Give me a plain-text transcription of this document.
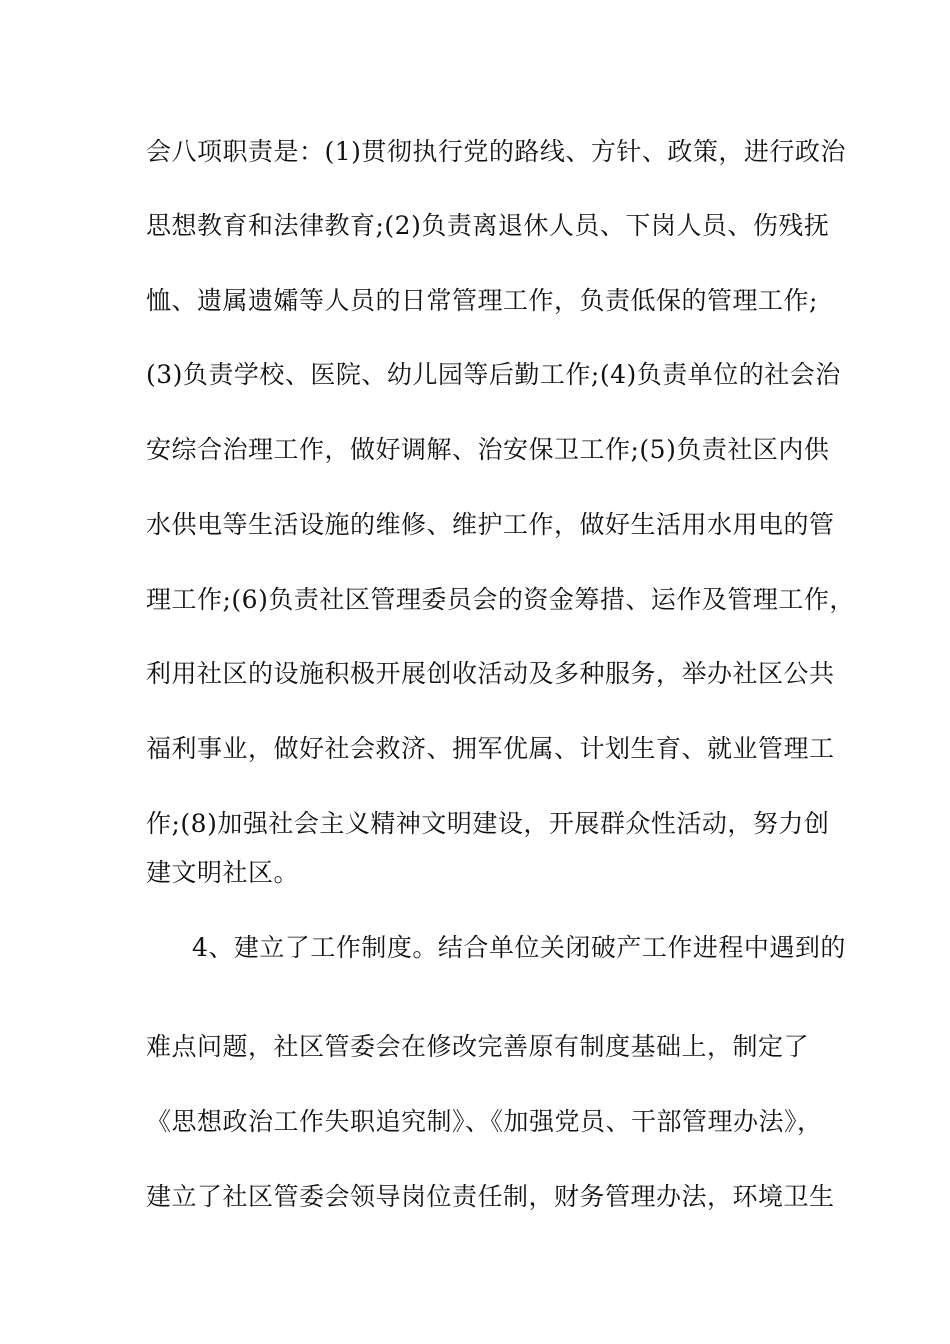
会八项职责是：(1)贯彻执行党的路线、方针、政策，进行政治
思想教育和法律教育;(2)负责离退休人员、下岗人员、伤残抚
恤、遗属遗孀等人员的日常管理工作，负责低保的管理工作;
(3)负责学校、医院、幼儿园等后勤工作;(4)负责单位的社会治
安综合治理工作，做好调解、治安保卫工作;(5)负责社区内供
水供电等生活设施的维修、维护工作，做好生活用水用电的管
理工作;(6)负责社区管理委员会的资金筹措、运作及管理工作，
利用社区的设施积极开展创收活动及多种服务，举办社区公共
福利事业，做好社会救济、拥军优属、计划生育、就业管理工
作;(8)加强社会主义精神文明建设，开展群众性活动，努力创
建文明社区。
4、建立了工作制度。结合单位关闭破产工作进程中遇到的
难点问题，社区管委会在修改完善原有制度基础上，制定了
《思想政治工作失职追究制》、《加强党员、干部管理办法》，
建立了社区管委会领导岗位责任制，财务管理办法，环境卫生
